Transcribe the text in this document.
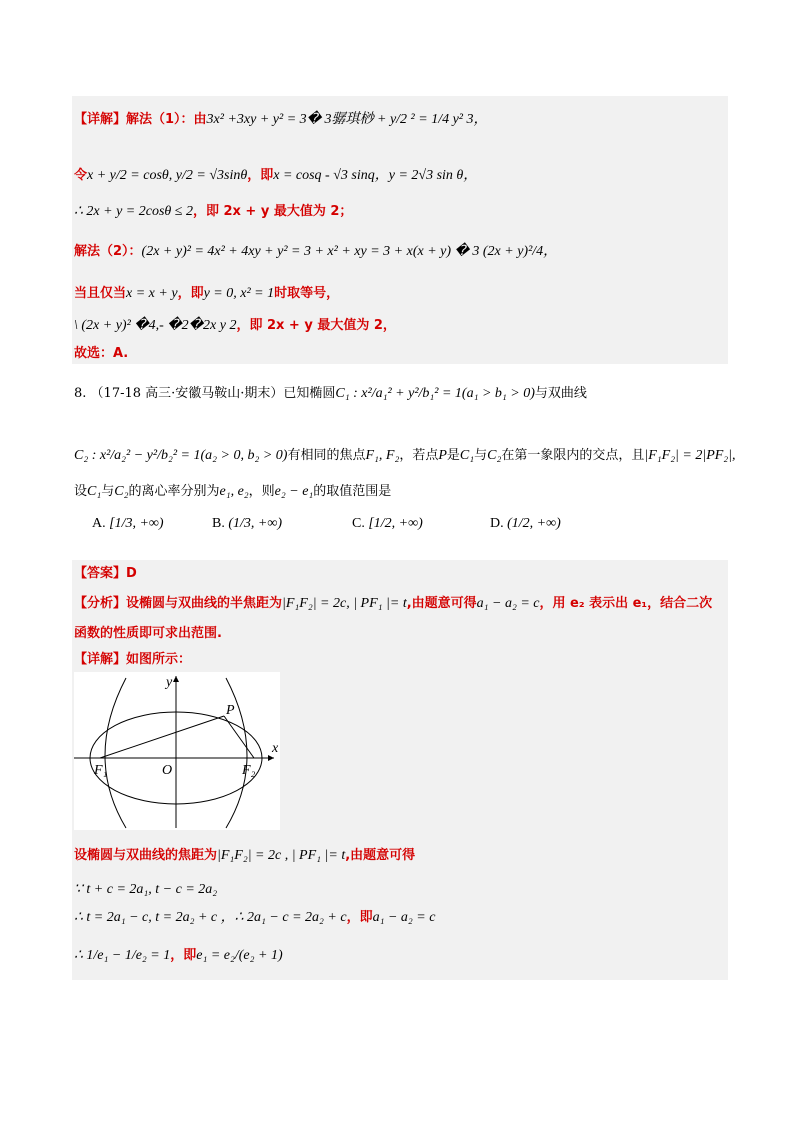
【详解】解法（1）：由3x² +3xy + y² = 3� 3骣琪桫 + y/2 ² = 1/4 y² 3，
令x + y/2 = cosθ, y/2 = √3sinθ，即x = cosq - √3 sinq，y = 2√3 sin θ，
∴ 2x + y = 2cosθ ≤ 2，即 2x + y 最大值为 2；
解法（2）：(2x + y)² = 4x² + 4xy + y² = 3 + x² + xy = 3 + x(x + y) � 3 (2x + y)²/4，
当且仅当x = x + y，即y = 0, x² = 1时取等号，
\ (2x + y)² �4,- �2�2x y 2，即 2x + y 最大值为 2，
故选：A.
8. （17-18 高三·安徽马鞍山·期末）已知椭圆C₁ : x²/a₁² + y²/b₁² = 1(a₁ > b₁ > 0)与双曲线
C₂ : x²/a₂² − y²/b₂² = 1(a₂ > 0, b₂ > 0)有相同的焦点F₁, F₂，若点P是C₁与C₂在第一象限内的交点，且|F₁F₂| = 2|PF₂|,
设C₁与C₂的离心率分别为e₁, e₂，则e₂ − e₁的取值范围是
A. [1/3, +∞)	B. (1/3, +∞)	C. [1/2, +∞)	D. (1/2, +∞)
【答案】D
【分析】设椭圆与双曲线的半焦距为|F₁F₂| = 2c, | PF₁ |= t,由题意可得a₁ − a₂ = c，用 e₂ 表示出 e₁，结合二次
函数的性质即可求出范围.
【详解】如图所示：
y
x
P
F₁	O	F₂
设椭圆与双曲线的焦距为|F₁F₂| = 2c , | PF₁ |= t,由题意可得
∵ t + c = 2a₁, t − c = 2a₂
∴ t = 2a₁ − c, t = 2a₂ + c ，∴ 2a₁ − c = 2a₂ + c，即a₁ − a₂ = c
∴ 1/e₁ − 1/e₂ = 1，即e₁ = e₂/(e₂ + 1)
